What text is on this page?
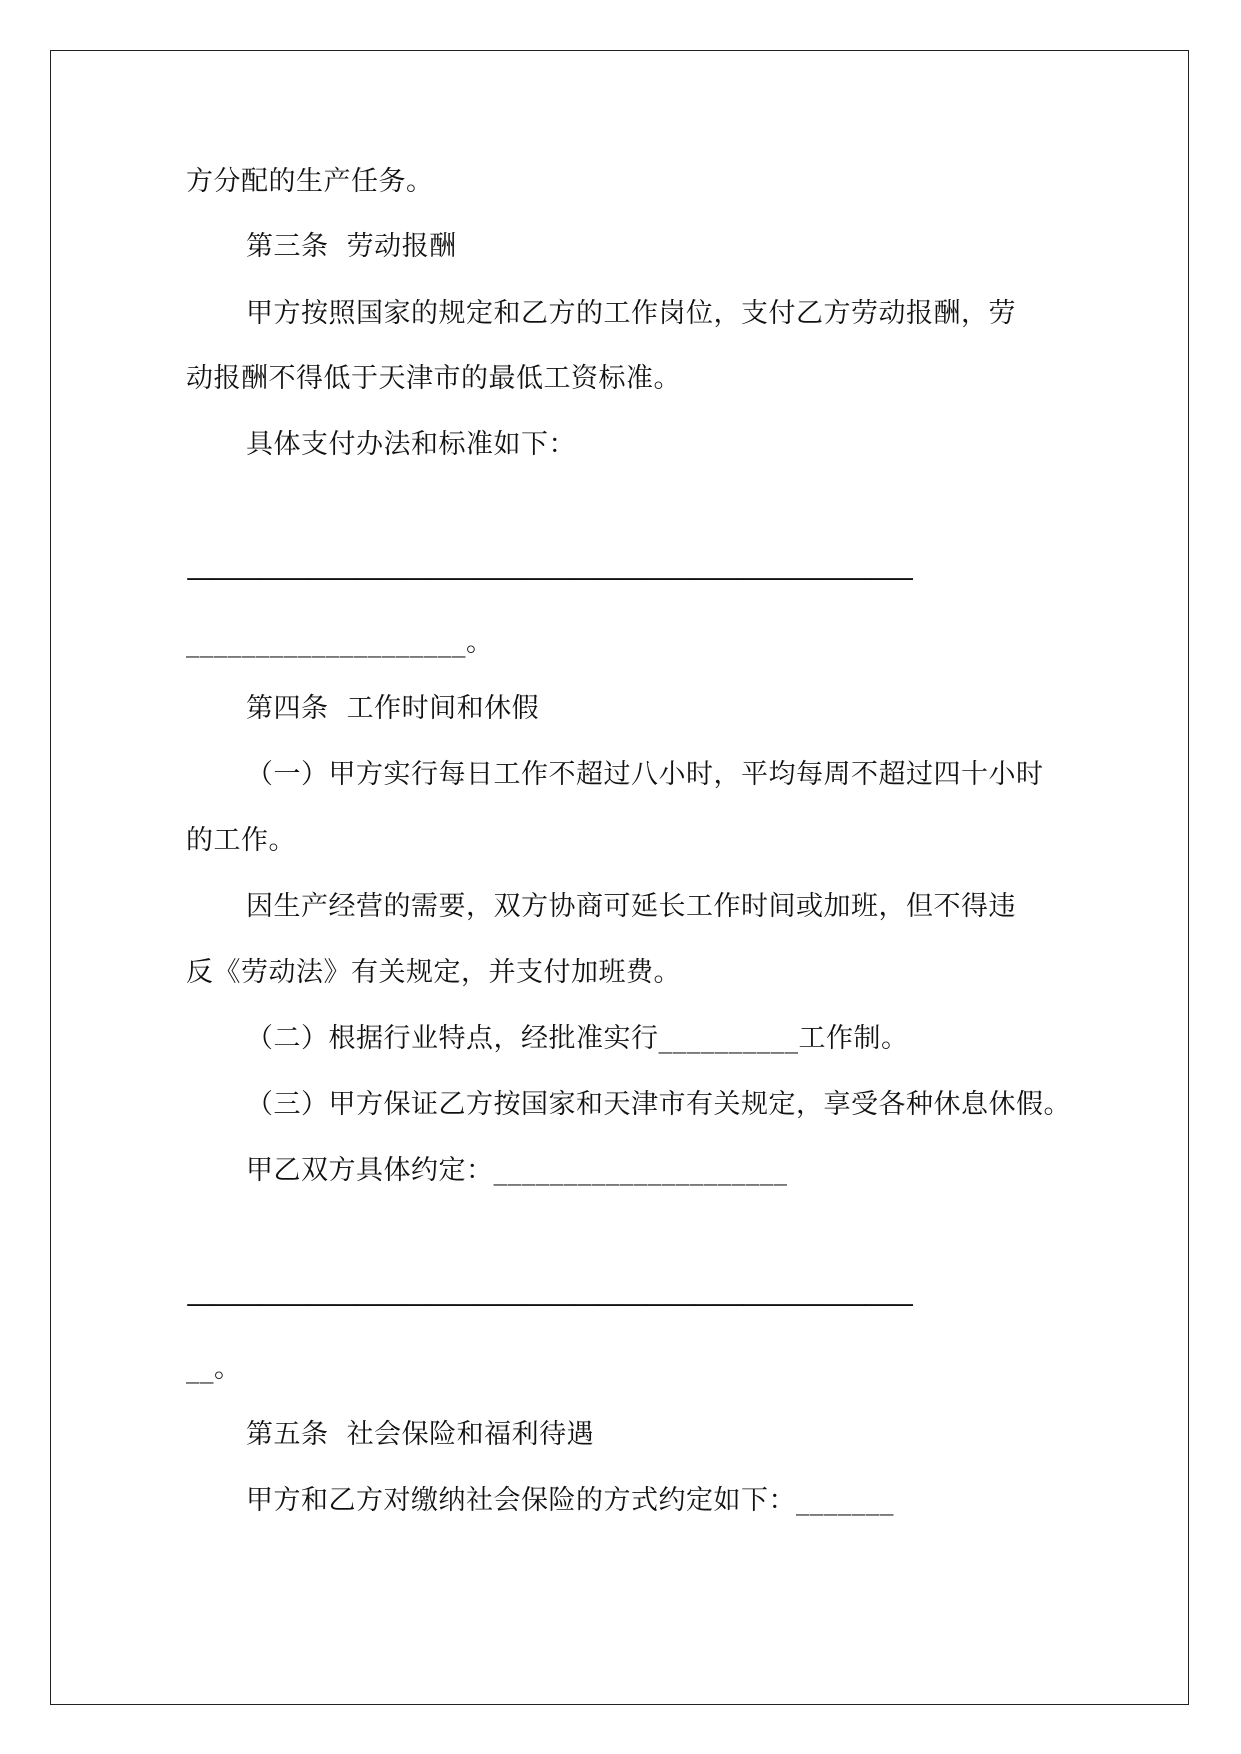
方分配的生产任务。
第三条  劳动报酬
甲方按照国家的规定和乙方的工作岗位，支付乙方劳动报酬，劳
动报酬不得低于天津市的最低工资标准。
具体支付办法和标准如下：
——————————————————————————————
____________________。
第四条  工作时间和休假
（一）甲方实行每日工作不超过八小时，平均每周不超过四十小时
的工作。
因生产经营的需要，双方协商可延长工作时间或加班，但不得违
反《劳动法》有关规定，并支付加班费。
（二）根据行业特点，经批准实行__________工作制。
（三）甲方保证乙方按国家和天津市有关规定，享受各种休息休假。
甲乙双方具体约定：_____________________
——————————————————————————————
__。
第五条  社会保险和福利待遇
甲方和乙方对缴纳社会保险的方式约定如下：_______
